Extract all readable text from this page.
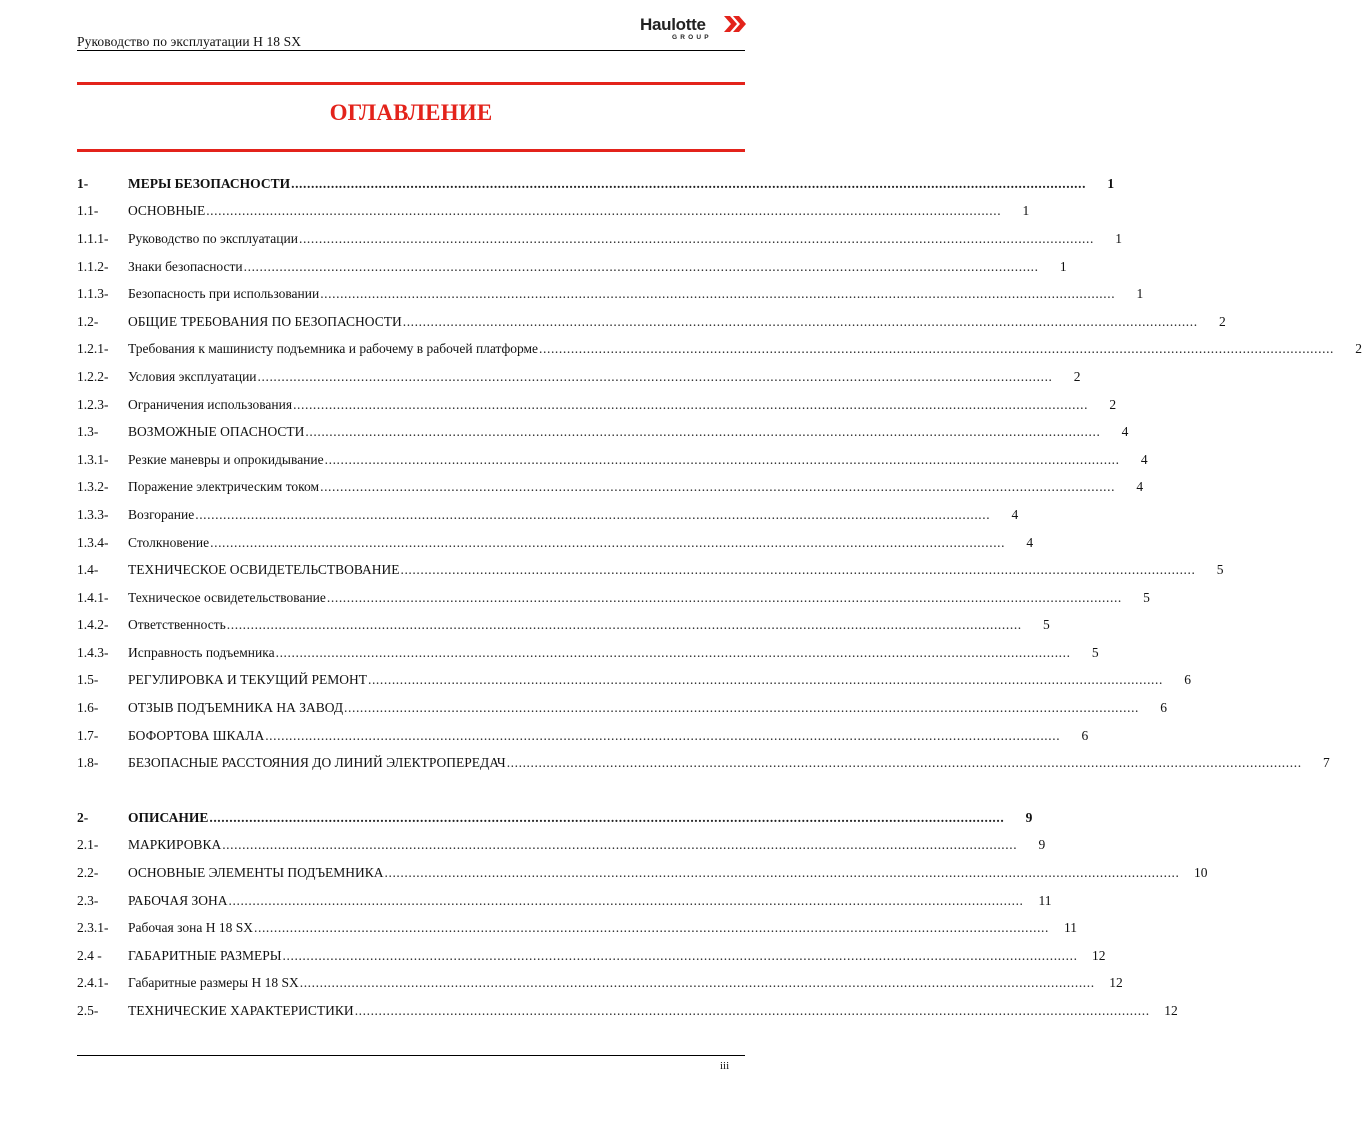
Руководство по эксплуатации H 18 SX
Haulotte
GROUP
ОГЛАВЛЕНИЕ
1-	МЕРЫ БЕЗОПАСНОСТИ ........................................................................................................................................................................................................	1
1.1-	ОСНОВНЫЕ ........................................................................................................................................................................................................	1
1.1.1-	Руководство по эксплуатации ........................................................................................................................................................................................................	1
1.1.2-	Знаки безопасности ........................................................................................................................................................................................................	1
1.1.3-	Безопасность при использовании ........................................................................................................................................................................................................	1
1.2-	ОБЩИЕ ТРЕБОВАНИЯ ПО БЕЗОПАСНОСТИ ........................................................................................................................................................................................................	2
1.2.1-	Требования к машинисту подъемника и рабочему в рабочей платформе ........................................................................................................................................................................................................	2
1.2.2-	Условия эксплуатации ........................................................................................................................................................................................................	2
1.2.3-	Ограничения использования ........................................................................................................................................................................................................	2
1.3-	ВОЗМОЖНЫЕ ОПАСНОСТИ ........................................................................................................................................................................................................	4
1.3.1-	Резкие маневры и опрокидывание ........................................................................................................................................................................................................	4
1.3.2-	Поражение электрическим током ........................................................................................................................................................................................................	4
1.3.3-	Возгорание ........................................................................................................................................................................................................	4
1.3.4-	Столкновение ........................................................................................................................................................................................................	4
1.4-	ТЕХНИЧЕСКОЕ ОСВИДЕТЕЛЬСТВОВАНИЕ ........................................................................................................................................................................................................	5
1.4.1-	Техническое освидетельствование ........................................................................................................................................................................................................	5
1.4.2-	Ответственность ........................................................................................................................................................................................................	5
1.4.3-	Исправность подъемника ........................................................................................................................................................................................................	5
1.5-	РЕГУЛИРОВКА И ТЕКУЩИЙ РЕМОНТ ........................................................................................................................................................................................................	6
1.6-	ОТЗЫВ ПОДЪЕМНИКА НА ЗАВОД ........................................................................................................................................................................................................	6
1.7-	БОФОРТОВА ШКАЛА ........................................................................................................................................................................................................	6
1.8-	БЕЗОПАСНЫЕ РАССТОЯНИЯ ДО ЛИНИЙ ЭЛЕКТРОПЕРЕДАЧ ........................................................................................................................................................................................................	7
2-	ОПИСАНИЕ ........................................................................................................................................................................................................	9
2.1-	МАРКИРОВКА ........................................................................................................................................................................................................	9
2.2-	ОСНОВНЫЕ ЭЛЕМЕНТЫ ПОДЪЕМНИКА ........................................................................................................................................................................................................	10
2.3-	РАБОЧАЯ ЗОНА ........................................................................................................................................................................................................	11
2.3.1-	Рабочая зона H 18 SX ........................................................................................................................................................................................................	11
2.4 -	ГАБАРИТНЫЕ РАЗМЕРЫ ........................................................................................................................................................................................................	12
2.4.1-	Габаритные размеры H 18 SX ........................................................................................................................................................................................................	12
2.5-	ТЕХНИЧЕСКИЕ ХАРАКТЕРИСТИКИ ........................................................................................................................................................................................................	12
iii
